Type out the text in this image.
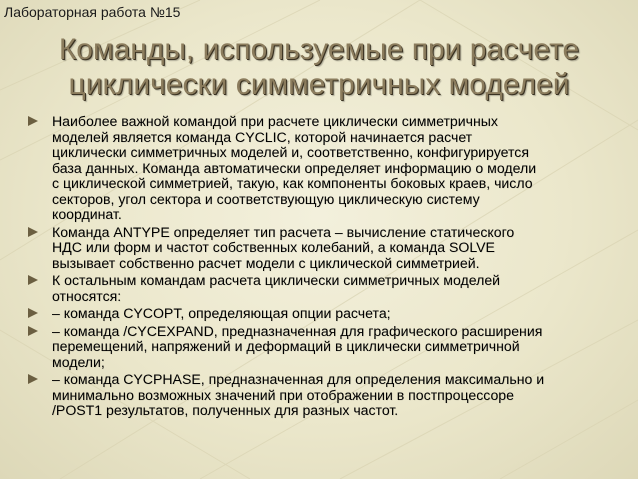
Лабораторная работа №15
Команды, используемые при расчете
циклически симметричных моделей
Наиболее важной командой при расчете циклически симметричных
моделей является команда CYCLIC, которой начинается расчет
циклически симметричных моделей и, соответственно, конфигурируется
база данных. Команда автоматически определяет информацию о модели
с циклической симметрией, такую, как компоненты боковых краев, число
секторов, угол сектора и соответствующую циклическую систему
координат.
Команда ANTYPE определяет тип расчета – вычисление статического
НДС или форм и частот собственных колебаний, а команда SOLVE
вызывает собственно расчет модели с циклической симметрией.
К остальным командам расчета циклически симметричных моделей
относятся:
– команда CYCOPT, определяющая опции расчета;
– команда /CYCEXPAND, предназначенная для графического расширения
перемещений, напряжений и деформаций в циклически симметричной
модели;
– команда CYCPHASE, предназначенная для определения максимально и
минимально возможных значений при отображении в постпроцессоре
/POST1 результатов, полученных для разных частот.
